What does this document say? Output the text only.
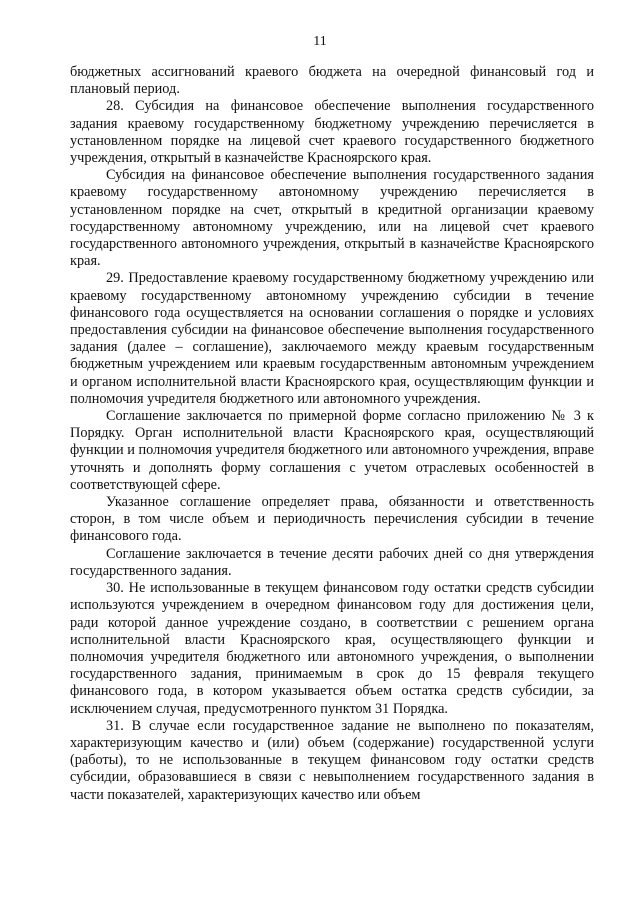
11

бюджетных ассигнований краевого бюджета на очередной финансовый год и плановый период.

28. Субсидия на финансовое обеспечение выполнения государственного задания краевому государственному бюджетному учреждению перечисляется в установленном порядке на лицевой счет краевого государственного бюджетного учреждения, открытый в казначействе Красноярского края.

Субсидия на финансовое обеспечение выполнения государственного задания краевому государственному автономному учреждению перечисляется в установленном порядке на счет, открытый в кредитной организации краевому государственному автономному учреждению, или на лицевой счет краевого государственного автономного учреждения, открытый в казначействе Красноярского края.

29. Предоставление краевому государственному бюджетному учреждению или краевому государственному автономному учреждению субсидии в течение финансового года осуществляется на основании соглашения о порядке и условиях предоставления субсидии на финансовое обеспечение выполнения государственного задания (далее – соглашение), заключаемого между краевым государственным бюджетным учреждением или краевым государственным автономным учреждением и органом исполнительной власти Красноярского края, осуществляющим функции и полномочия учредителя бюджетного или автономного учреждения.

Соглашение заключается по примерной форме согласно приложению № 3 к Порядку. Орган исполнительной власти Красноярского края, осуществляющий функции и полномочия учредителя бюджетного или автономного учреждения, вправе уточнять и дополнять форму соглашения с учетом отраслевых особенностей в соответствующей сфере.

Указанное соглашение определяет права, обязанности и ответственность сторон, в том числе объем и периодичность перечисления субсидии в течение финансового года.

Соглашение заключается в течение десяти рабочих дней со дня утверждения государственного задания.

30. Не использованные в текущем финансовом году остатки средств субсидии используются учреждением в очередном финансовом году для достижения цели, ради которой данное учреждение создано, в соответствии с решением органа исполнительной власти Красноярского края, осуществляющего функции и полномочия учредителя бюджетного или автономного учреждения, о выполнении государственного задания, принимаемым в срок до 15 февраля текущего финансового года, в котором указывается объем остатка средств субсидии, за исключением случая, предусмотренного пунктом 31 Порядка.

31. В случае если государственное задание не выполнено по показателям, характеризующим качество и (или) объем (содержание) государственной услуги (работы), то не использованные в текущем финансовом году остатки средств субсидии, образовавшиеся в связи с невыполнением государственного задания в части показателей, характеризующих качество или объем
